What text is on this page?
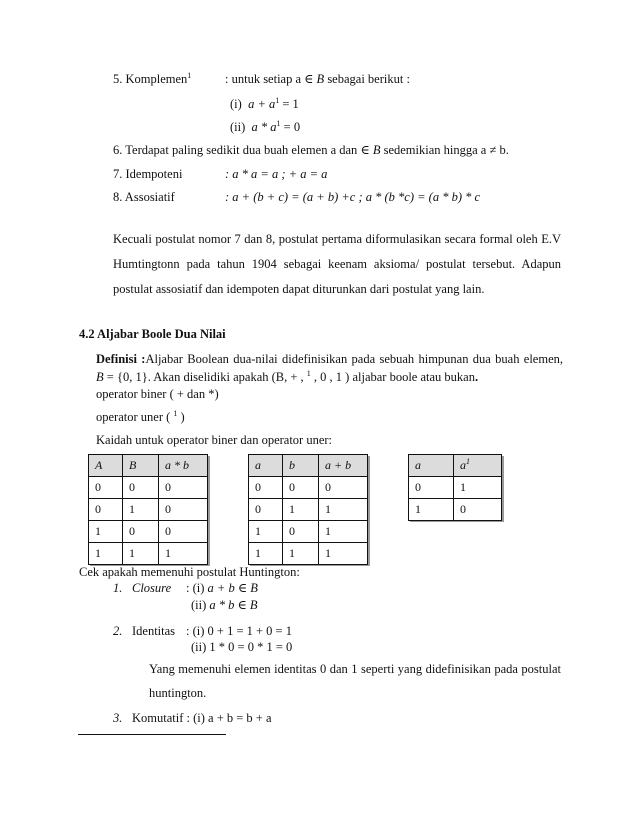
5. Komplemen$^1$	: untuk setiap a ∈ B sebagai berikut :
(i) $a + a^1 = 1$
(ii) $a * a^1 = 0$
6. Terdapat paling sedikit dua buah elemen a dan ∈ B sedemikian hingga a ≠ b.
7. Idempoteni	: a * a = a ; + a = a
8. Assosiatif	: a + (b + c) = (a + b) +c ; a * (b *c) = (a * b) * c
Kecuali postulat nomor 7 dan 8, postulat pertama diformulasikan secara formal oleh E.V
Humtingtonn pada tahun 1904 sebagai keenam aksioma/ postulat tersebut. Adapun
postulat assosiatif dan idempoten dapat diturunkan dari postulat yang lain.
4.2 Aljabar Boole Dua Nilai
Definisi :Aljabar Boolean dua-nilai didefinisikan pada sebuah himpunan dua buah elemen,
B = {0, 1}. Akan diselidiki apakah (B, + , $^1$ , 0 , 1 ) aljabar boole atau bukan.
operator biner ( + dan *)
operator uner ( $^1$ )
Kaidah untuk operator biner dan operator uner:
A	B	a * b
0	0	0
0	1	0
1	0	0
1	1	1
a	b	a + b
0	0	0
0	1	1
1	0	1
1	1	1
a	$a^1$
0	1
1	0
Cek apakah memenuhi postulat Huntington:
1. Closure : (i) a + b ∈ B
(ii) a * b ∈ B
2. Identitas : (i) 0 + 1 = 1 + 0 = 1
(ii) 1 * 0 = 0 * 1 = 0
Yang memenuhi elemen identitas 0 dan 1 seperti yang didefinisikan pada postulat
huntington.
3. Komutatif : (i) a + b = b + a
